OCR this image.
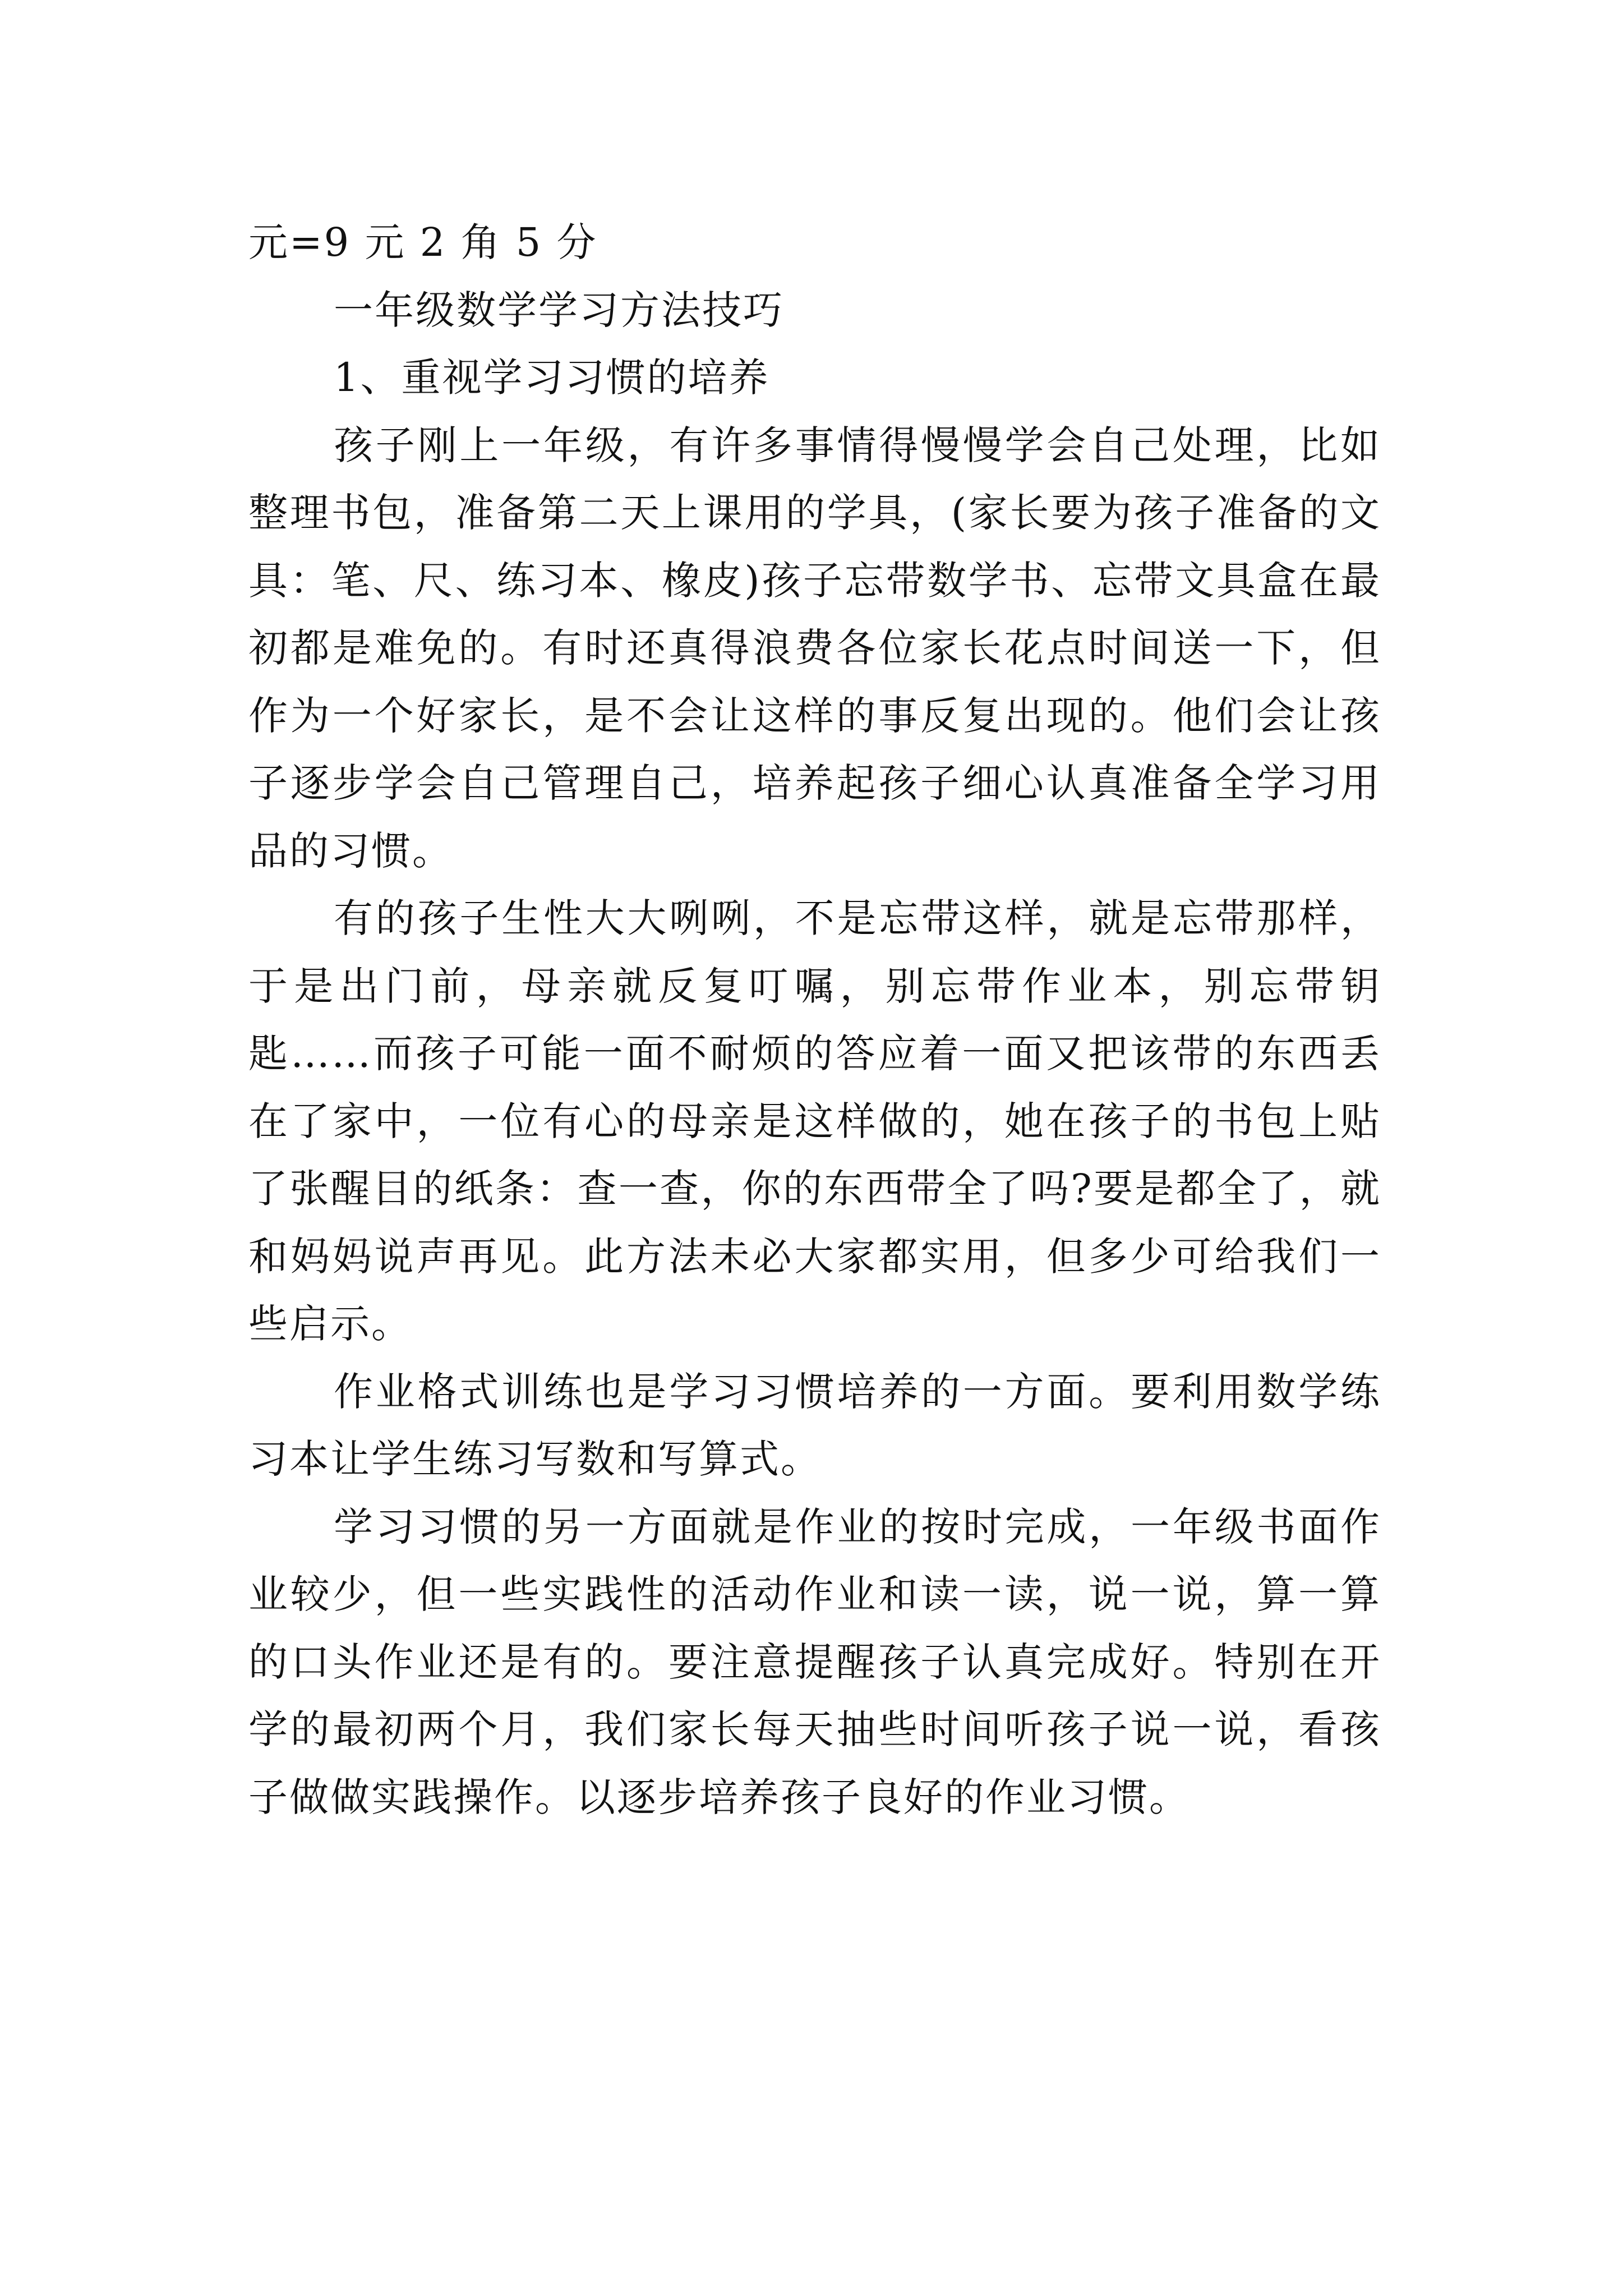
元=9 元 2 角 5 分

一年级数学学习方法技巧

1、重视学习习惯的培养

孩子刚上一年级，有许多事情得慢慢学会自己处理，比如整理书包，准备第二天上课用的学具，(家长要为孩子准备的文具：笔、尺、练习本、橡皮)孩子忘带数学书、忘带文具盒在最初都是难免的。有时还真得浪费各位家长花点时间送一下，但作为一个好家长，是不会让这样的事反复出现的。他们会让孩子逐步学会自己管理自己，培养起孩子细心认真准备全学习用品的习惯。

有的孩子生性大大咧咧，不是忘带这样，就是忘带那样，于是出门前，母亲就反复叮嘱，别忘带作业本，别忘带钥匙……而孩子可能一面不耐烦的答应着一面又把该带的东西丢在了家中，一位有心的母亲是这样做的，她在孩子的书包上贴了张醒目的纸条：查一查，你的东西带全了吗?要是都全了，就和妈妈说声再见。此方法未必大家都实用，但多少可给我们一些启示。

作业格式训练也是学习习惯培养的一方面。要利用数学练习本让学生练习写数和写算式。

学习习惯的另一方面就是作业的按时完成，一年级书面作业较少，但一些实践性的活动作业和读一读，说一说，算一算的口头作业还是有的。要注意提醒孩子认真完成好。特别在开学的最初两个月，我们家长每天抽些时间听孩子说一说，看孩子做做实践操作。以逐步培养孩子良好的作业习惯。
